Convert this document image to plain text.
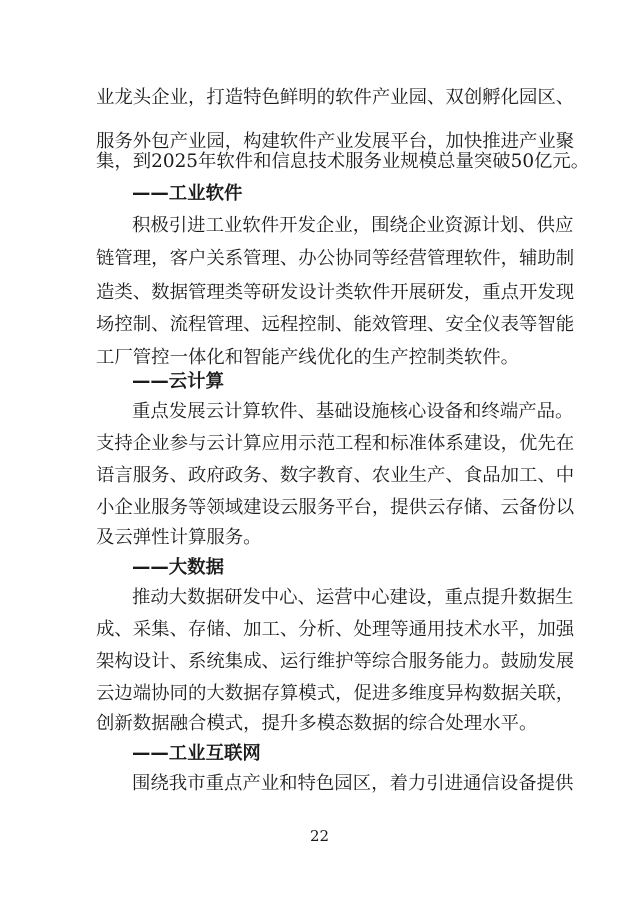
业龙头企业，打造特色鲜明的软件产业园、双创孵化园区、
服务外包产业园，构建软件产业发展平台，加快推进产业聚
集，到2025年软件和信息技术服务业规模总量突破50亿元。
——工业软件
积极引进工业软件开发企业，围绕企业资源计划、供应
链管理，客户关系管理、办公协同等经营管理软件，辅助制
造类、数据管理类等研发设计类软件开展研发，重点开发现
场控制、流程管理、远程控制、能效管理、安全仪表等智能
工厂管控一体化和智能产线优化的生产控制类软件。
——云计算
重点发展云计算软件、基础设施核心设备和终端产品。
支持企业参与云计算应用示范工程和标准体系建设，优先在
语言服务、政府政务、数字教育、农业生产、食品加工、中
小企业服务等领域建设云服务平台，提供云存储、云备份以
及云弹性计算服务。
——大数据
推动大数据研发中心、运营中心建设，重点提升数据生
成、采集、存储、加工、分析、处理等通用技术水平，加强
架构设计、系统集成、运行维护等综合服务能力。鼓励发展
云边端协同的大数据存算模式，促进多维度异构数据关联，
创新数据融合模式，提升多模态数据的综合处理水平。
——工业互联网
围绕我市重点产业和特色园区，着力引进通信设备提供
22
